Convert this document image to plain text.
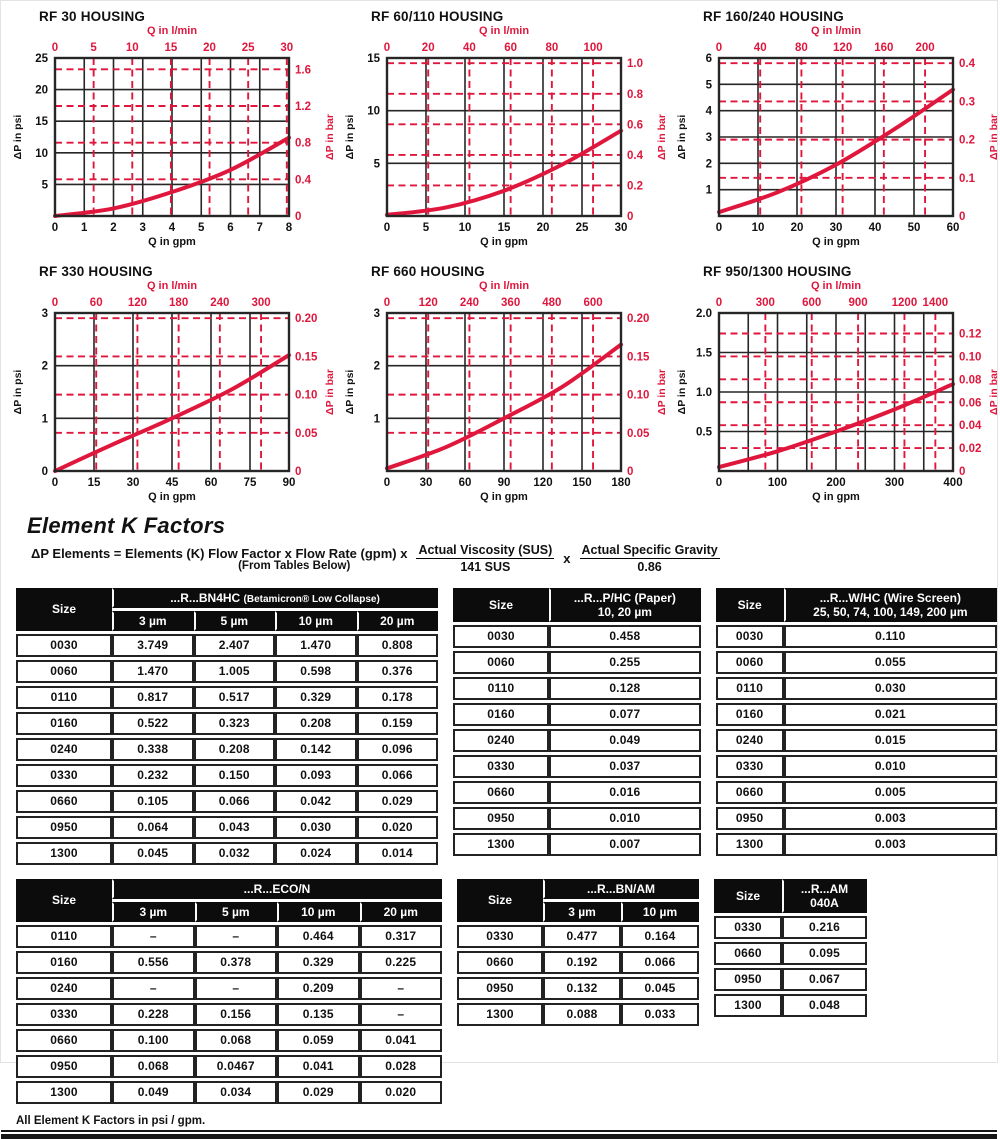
RF 30 HOUSING
Q in l/min
0	5	10 15 20 25 30
0 1 2 3 4 5 6 7 8
Q in gpm
5
10
15
20
25
0
0.4
0.8
1.2
1.6
ΔP in psi	ΔP in bar
RF 60/110 HOUSING
Q in l/min
0	20 40 60 80 100
0	5	10 15 20 25 30
Q in gpm
5
10
15
0
0.2
0.4
0.6
0.8
1.0
ΔP in psi	ΔP in bar
RF 160/240 HOUSING
Q in l/min
0	40 80 120 160 200
0	10 20 30 40 50 60
Q in gpm
1
2
3
4
5
6
0
0.1
0.2
0.3
0.4
ΔP in psi	ΔP in bar
RF 330 HOUSING
Q in l/min
0	60 120 180 240 300
0	15 30 45 60 75 90
Q in gpm
0
1
2
3
0
0.05
0.10
0.15
0.20
ΔP in psi	ΔP in bar
RF 660 HOUSING
Q in l/min
0 120 240 360 480 600
0	30 60 90 120 150 180
Q in gpm
1
2
3
0
0.05
0.10
0.15
0.20
ΔP in psi	ΔP in bar
RF 950/1300 HOUSING
Q in l/min
0	300 600 900 1200 1400
0	100	200	300	400
Q in gpm
0.5
1.0
1.5
2.0
0
0.02
0.04
0.06
0.08
0.10
0.12
ΔP in psi	ΔP in bar
Element K Factors
ΔP Elements = Elements (K) Flow Factor x Flow Rate (gpm) x
(From Tables Below)	$\frac{\text{Actual Viscosity (SUS)}}{\text{141 SUS}}$ x $\frac{\text{Actual Specific Gravity}}{0.86}$
Size	...R...BN4HC (Betamicron® Low Collapse)			
	3 µm	5 µm	10 µm	20 µm
0030	3.749	2.407	1.470	0.808
0060	1.470	1.005	0.598	0.376
0110	0.817	0.517	0.329	0.178
0160	0.522	0.323	0.208	0.159
0240	0.338	0.208	0.142	0.096
0330	0.232	0.150	0.093	0.066
0660	0.105	0.066	0.042	0.029
0950	0.064	0.043	0.030	0.020
1300	0.045	0.032	0.024	0.014
Size	...R...P/HC (Paper)
10, 20 µm

0030	0.458
0060	0.255
0110	0.128
0160	0.077
0240	0.049
0330	0.037
0660	0.016
0950	0.010
1300	0.007
Size	...R...W/HC (Wire Screen)
25, 50, 74, 100, 149, 200 µm

0030	0.110
0060	0.055
0110	0.030
0160	0.021
0240	0.015
0330	0.010
0660	0.005
0950	0.003
1300	0.003
Size	...R...ECO/N			
	3 µm	5 µm	10 µm	20 µm
0110	–	–	0.464	0.317
0160	0.556	0.378	0.329	0.225
0240	–	–	0.209	–
0330	0.228	0.156	0.135	–
0660	0.100	0.068	0.059	0.041
0950	0.068	0.0467	0.041	0.028
1300	0.049	0.034	0.029	0.020
Size	...R...BN/AM	
	3 µm	10 µm
0330	0.477	0.164
0660	0.192	0.066
0950	0.132	0.045
1300	0.088	0.033
Size	...R...AM
040A

0330	0.216
0660	0.095
0950	0.067
1300	0.048
All Element K Factors in psi / gpm.
